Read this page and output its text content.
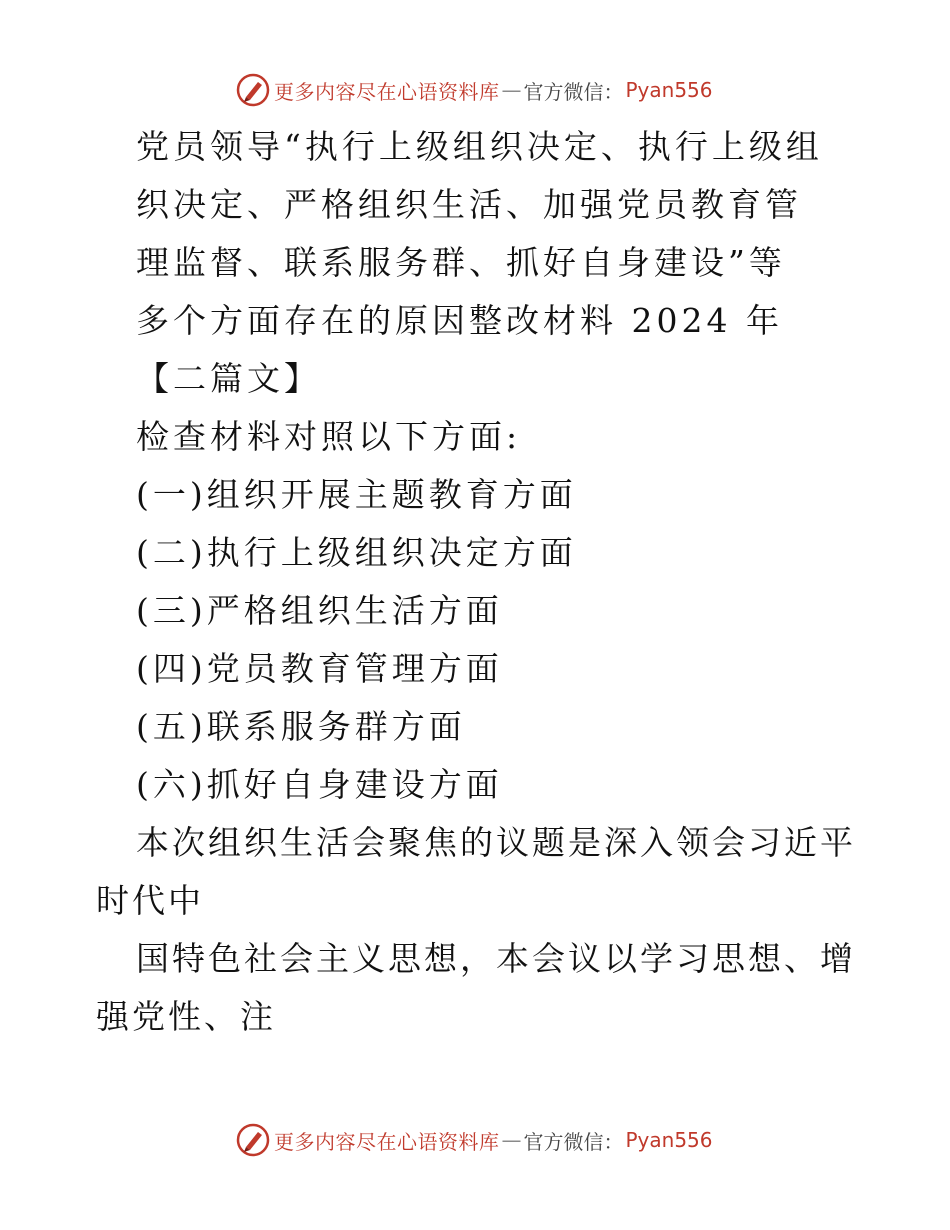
更多内容尽在心语资料库 — 官方微信： Pyan556
党员领导“执行上级组织决定、执行上级组
织决定、严格组织生活、加强党员教育管
理监督、联系服务群、抓好自身建设”等
多个方面存在的原因整改材料 2024 年
【二篇文】
检查材料对照以下方面:
(一)组织开展主题教育方面
(二)执行上级组织决定方面
(三)严格组织生活方面
(四)党员教育管理方面
(五)联系服务群方面
(六)抓好自身建设方面

本次组织生活会聚焦的议题是深入领会习近平时代中

国特色社会主义思想，本会议以学习思想、增强党性、注

更多内容尽在心语资料库 — 官方微信： Pyan556
